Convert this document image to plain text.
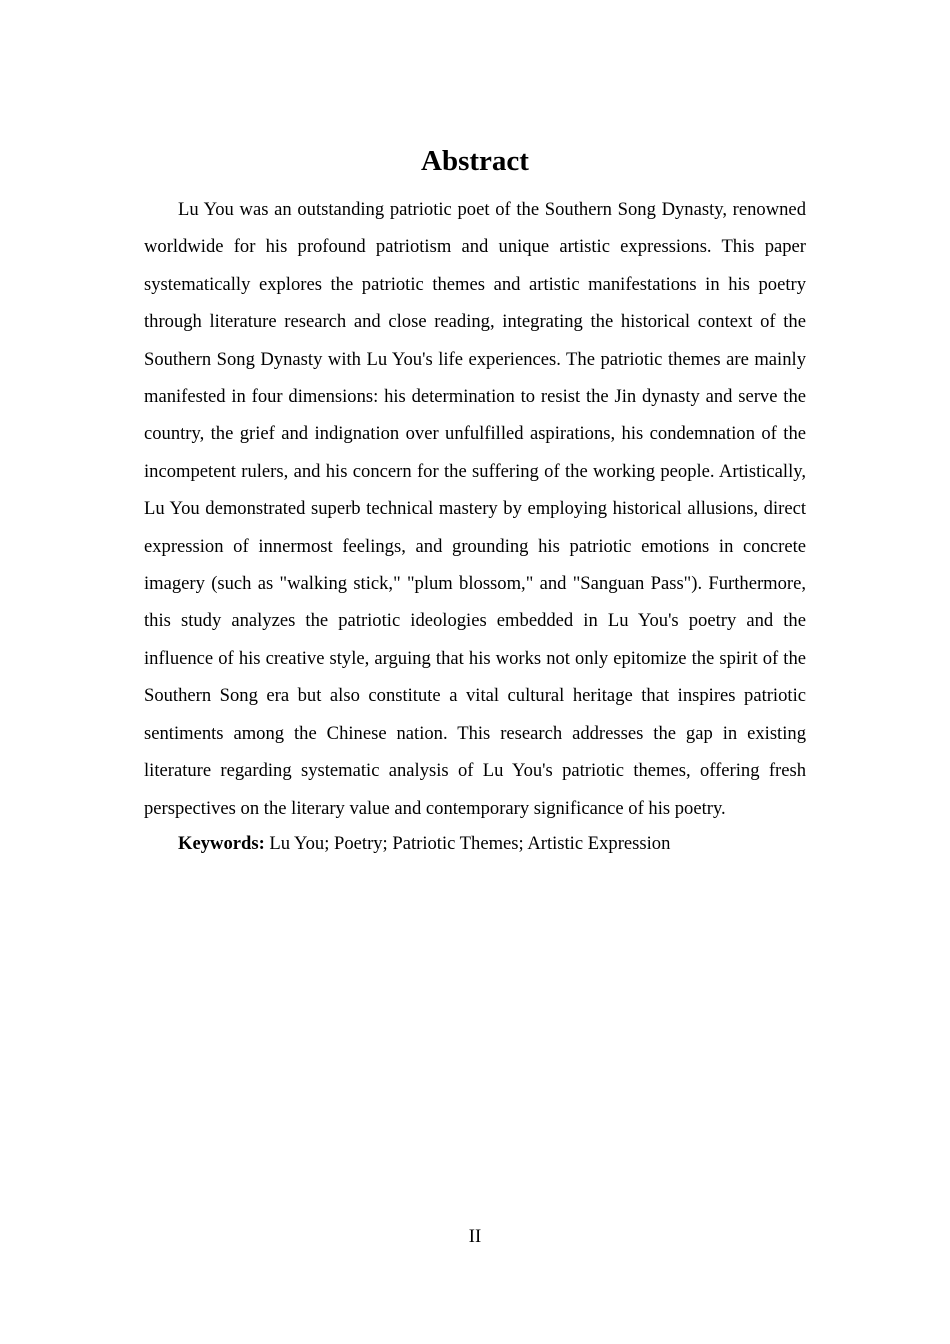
Abstract

Lu You was an outstanding patriotic poet of the Southern Song Dynasty, renowned worldwide for his profound patriotism and unique artistic expressions. This paper systematically explores the patriotic themes and artistic manifestations in his poetry through literature research and close reading, integrating the historical context of the Southern Song Dynasty with Lu You's life experiences. The patriotic themes are mainly manifested in four dimensions: his determination to resist the Jin dynasty and serve the country, the grief and indignation over unfulfilled aspirations, his condemnation of the incompetent rulers, and his concern for the suffering of the working people. Artistically, Lu You demonstrated superb technical mastery by employing historical allusions, direct expression of innermost feelings, and grounding his patriotic emotions in concrete imagery (such as "walking stick," "plum blossom," and "Sanguan Pass"). Furthermore, this study analyzes the patriotic ideologies embedded in Lu You's poetry and the influence of his creative style, arguing that his works not only epitomize the spirit of the Southern Song era but also constitute a vital cultural heritage that inspires patriotic sentiments among the Chinese nation. This research addresses the gap in existing literature regarding systematic analysis of Lu You's patriotic themes, offering fresh perspectives on the literary value and contemporary significance of his poetry.

Keywords: Lu You; Poetry; Patriotic Themes; Artistic Expression

II
